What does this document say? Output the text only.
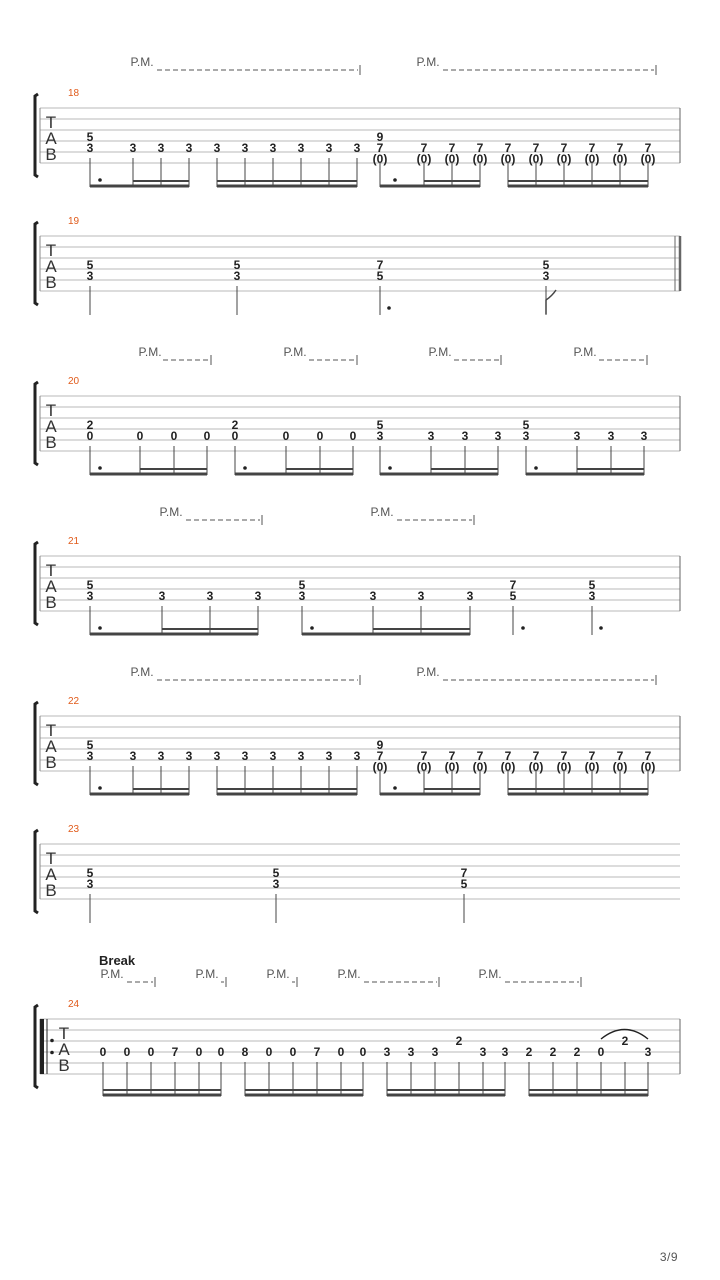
T
A
B
18
P.M.	P.M.
5
3	3 3 3 3 3 3 3 3 3
9
7
(0)
7
(0)
7
(0)
7
(0)
7
(0)
7
(0)
7
(0)
7
(0)
7
(0)
7
(0)
T
A
B
19
5
3
5
3
7
5
5
3
T
A
B
20
P.M.	P.M.	P.M.	P.M.
2
0	0 0 0
2
0	0 0 0
5
3	3 3 3
5
3	3 3 3
T
A
B
21
P.M.	P.M.
5
3	3	3	3
5
3	3	3	3
7
5
5
3
T
A
B
22
P.M.	P.M.
5
3	3 3 3 3 3 3 3 3 3
9
7
(0)
7
(0)
7
(0)
7
(0)
7
(0)
7
(0)
7
(0)
7
(0)
7
(0)
7
(0)
T
A
B
23
5
3
5
3
7
5
T
A
B
24
Break
P.M.	P.M.	P.M.	P.M.	P.M.
0 0 0 7 0 0 8 0 0 7 0 0 3 3 3
2
3 3 2 2 2 0
2
3
3/9
